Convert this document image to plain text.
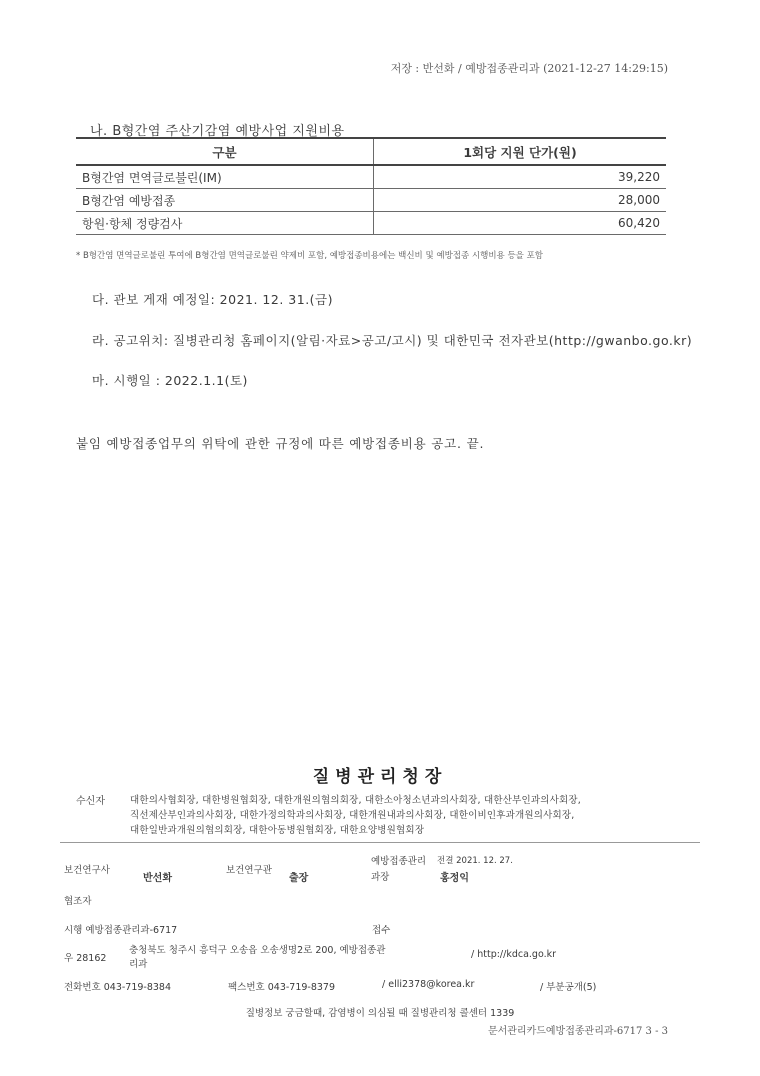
저장 : 반선화 / 예방접종관리과 (2021-12-27 14:29:15)
나. B형간염 주산기감염 예방사업 지원비용
구분	1회당 지원 단가(원)
B형간염 면역글로불린(IM)	39,220
B형간염 예방접종	28,000
항원·항체 정량검사	60,420
* B형간염 면역글로불린 투여에 B형간염 면역글로불린 약제비 포함, 예방접종비용에는 백신비 및 예방접종 시행비용 등을 포함
다. 관보 게재 예정일: 2021. 12. 31.(금)
라. 공고위치: 질병관리청 홈페이지(알림·자료>공고/고시) 및 대한민국 전자관보(http://gwanbo.go.kr)
마. 시행일 : 2022.1.1(토)
붙임 예방접종업무의 위탁에 관한 규정에 따른 예방접종비용 공고. 끝.
질병관리청장
수신자	대한의사협회장, 대한병원협회장, 대한개원의협의회장, 대한소아청소년과의사회장, 대한산부인과의사회장,
직선제산부인과의사회장, 대한가정의학과의사회장, 대한개원내과의사회장, 대한이비인후과개원의사회장,
대한일반과개원의협의회장, 대한아동병원협회장, 대한요양병원협회장
보건연구사
반선화
보건연구관
출장
예방접종관리
과장
전결 2021. 12. 27.
홍정익
협조자
시행 예방접종관리과-6717	접수
우 28162
충청북도 청주시 흥덕구 오송읍 오송생명2로 200, 예방접종관
리과
/ http://kdca.go.kr
전화번호 043-719-8384	팩스번호 043-719-8379	/ elli2378@korea.kr	/ 부분공개(5)
질병정보 궁금할때, 감염병이 의심될 때 질병관리청 콜센터 1339
문서관리카드예방접종관리과-6717 3 - 3
